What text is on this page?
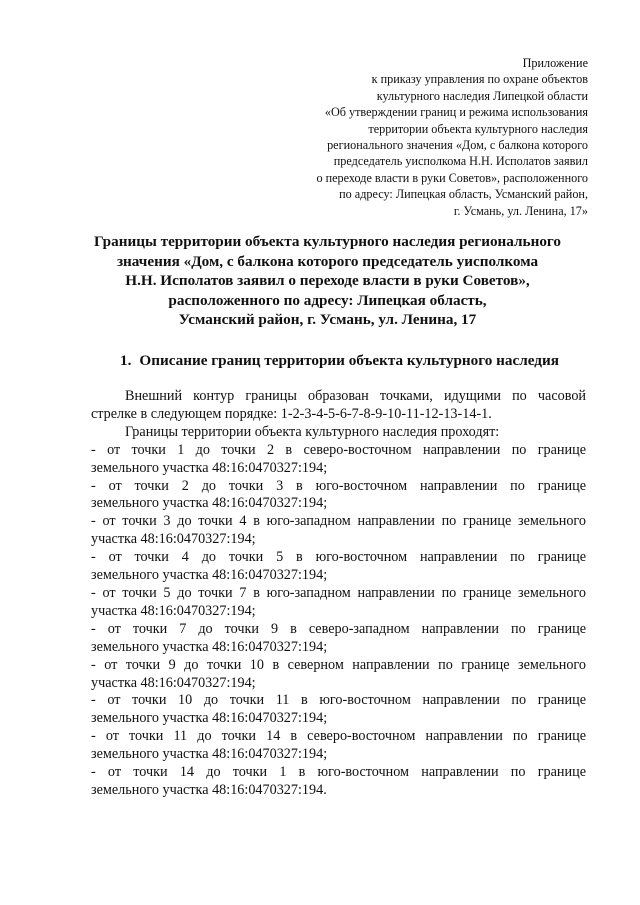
Приложение
к приказу управления по охране объектов
культурного наследия Липецкой области
«Об утверждении границ и режима использования
территории объекта культурного наследия
регионального значения «Дом, с балкона которого
председатель уисполкома Н.Н. Исполатов заявил
о переходе власти в руки Советов», расположенного
по адресу: Липецкая область, Усманский район,
г. Усмань, ул. Ленина, 17»
Границы территории объекта культурного наследия регионального
значения «Дом, с балкона которого председатель уисполкома
Н.Н. Исполатов заявил о переходе власти в руки Советов»,
расположенного по адресу: Липецкая область,
Усманский район, г. Усмань, ул. Ленина, 17
1. Описание границ территории объекта культурного наследия
Внешний контур границы образован точками, идущими по часовой
стрелке в следующем порядке: 1-2-3-4-5-6-7-8-9-10-11-12-13-14-1.
Границы территории объекта культурного наследия проходят:
- от точки 1 до точки 2 в северо-восточном направлении по границе
земельного участка 48:16:0470327:194;
- от точки 2 до точки 3 в юго-восточном направлении по границе
земельного участка 48:16:0470327:194;
- от точки 3 до точки 4 в юго-западном направлении по границе земельного
участка 48:16:0470327:194;
- от точки 4 до точки 5 в юго-восточном направлении по границе
земельного участка 48:16:0470327:194;
- от точки 5 до точки 7 в юго-западном направлении по границе земельного
участка 48:16:0470327:194;
- от точки 7 до точки 9 в северо-западном направлении по границе
земельного участка 48:16:0470327:194;
- от точки 9 до точки 10 в северном направлении по границе земельного
участка 48:16:0470327:194;
- от точки 10 до точки 11 в юго-восточном направлении по границе
земельного участка 48:16:0470327:194;
- от точки 11 до точки 14 в северо-восточном направлении по границе
земельного участка 48:16:0470327:194;
- от точки 14 до точки 1 в юго-восточном направлении по границе
земельного участка 48:16:0470327:194.
